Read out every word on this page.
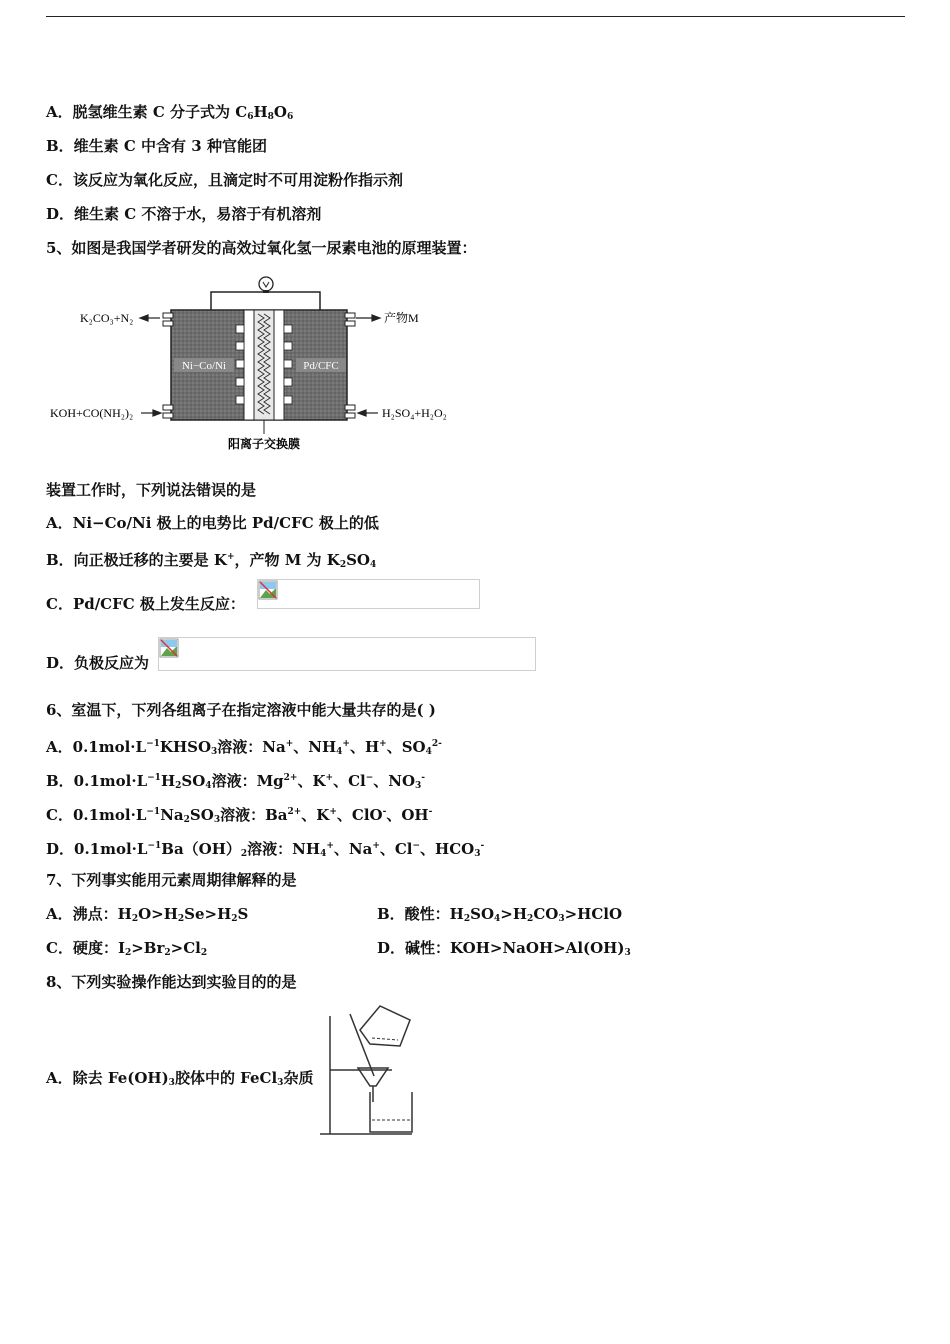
A．脱氢维生素 C 分子式为 $C_6H_8O_6$
B．维生素 C 中含有 3 种官能团
C．该反应为氧化反应，且滴定时不可用淀粉作指示剂
D．维生素 C 不溶于水，易溶于有机溶剂
5、如图是我国学者研发的高效过氧化氢一尿素电池的原理装置：
Ni−Co/Ni	Pd/CFC
K₂CO₃+N₂	产物M
KOH+CO(NH₂)₂	H₂SO₄+H₂O₂
阳离子交换膜
装置工作时，下列说法错误的是
A．Ni−Co/Ni 极上的电势比 Pd/CFC 极上的低
B．向正极迁移的主要是 K+，产物 M 为 $K_2SO_4$
C．Pd/CFC 极上发生反应：
D．负极反应为
6、室温下，下列各组离子在指定溶液中能大量共存的是( )
A．$0.1mol\cdot L^{-1}KHSO_3$溶液：Na+、$NH_4^+$、H+、$SO_4^{2-}$
B．$0.1mol\cdot L^{-1}H_2SO_4$溶液：$Mg^{2+}$、K+、Cl−、$NO_3^-$
C．$0.1mol\cdot L^{-1}Na_2SO_3$溶液：$Ba^{2+}$、K+、ClO-、OH-
D．$0.1mol\cdot L^{-1}Ba(OH)_2$溶液：$NH_4^+$、Na+、Cl−、$HCO_3^-$
7、下列事实能用元素周期律解释的是
A．沸点：$H_2O>H_2Se>H_2S$	B．酸性：$H_2SO_4>H_2CO_3>HClO$
C．硬度：$I_2>Br_2>Cl_2$	D．碱性：$KOH>NaOH>Al(OH)_3$
8、下列实验操作能达到实验目的的是
A．除去 $Fe(OH)_3$胶体中的 FeCl$_3$杂质
